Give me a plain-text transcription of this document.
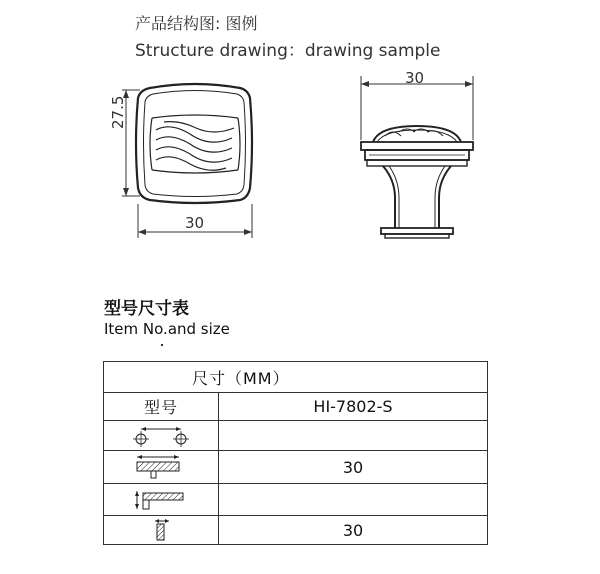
产品结构图: 图例
Structure drawing：drawing sample
27.5
30
30
型号尺寸表
Item No.and size
尺寸（MM）	
型号	HI-7802-S

	30

	30
